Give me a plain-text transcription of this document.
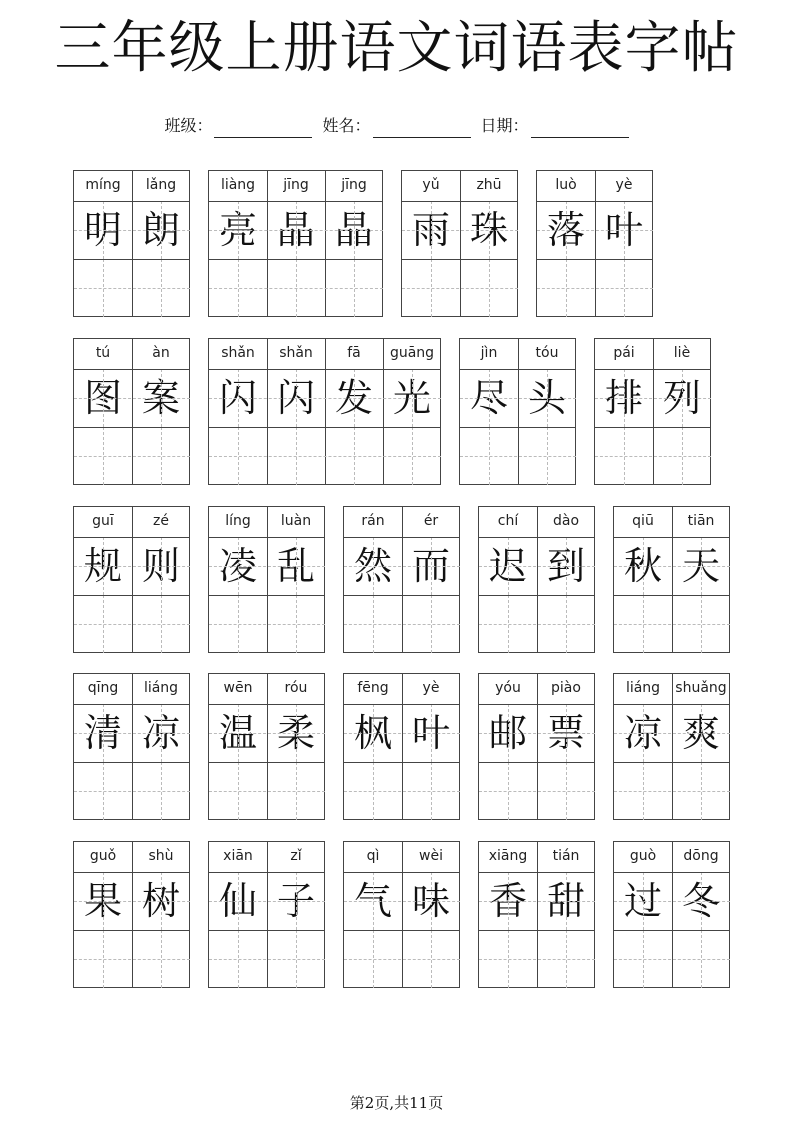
三年级上册语文词语表字帖
班级：	姓名：	日期：
míng
明
lǎng
朗
liàng
亮
jīng
晶
jīng
晶
yǔ
雨
zhū
珠
luò
落
yè
叶
tú
图
àn
案
shǎn
闪
shǎn
闪
fā
发
guāng
光
jìn
尽
tóu
头
pái
排
liè
列
guī
规
zé
则
líng
凌
luàn
乱
rán
然
ér
而
chí
迟
dào
到
qiū
秋
tiān
天
qīng
清
liáng
凉
wēn
温
róu
柔
fēng
枫
yè
叶
yóu
邮
piào
票
liáng
凉
shuǎng
爽
guǒ
果
shù
树
xiān
仙
zǐ
子
qì
气
wèi
味
xiāng
香
tián
甜
guò
过
dōng
冬
第2页,共11页
